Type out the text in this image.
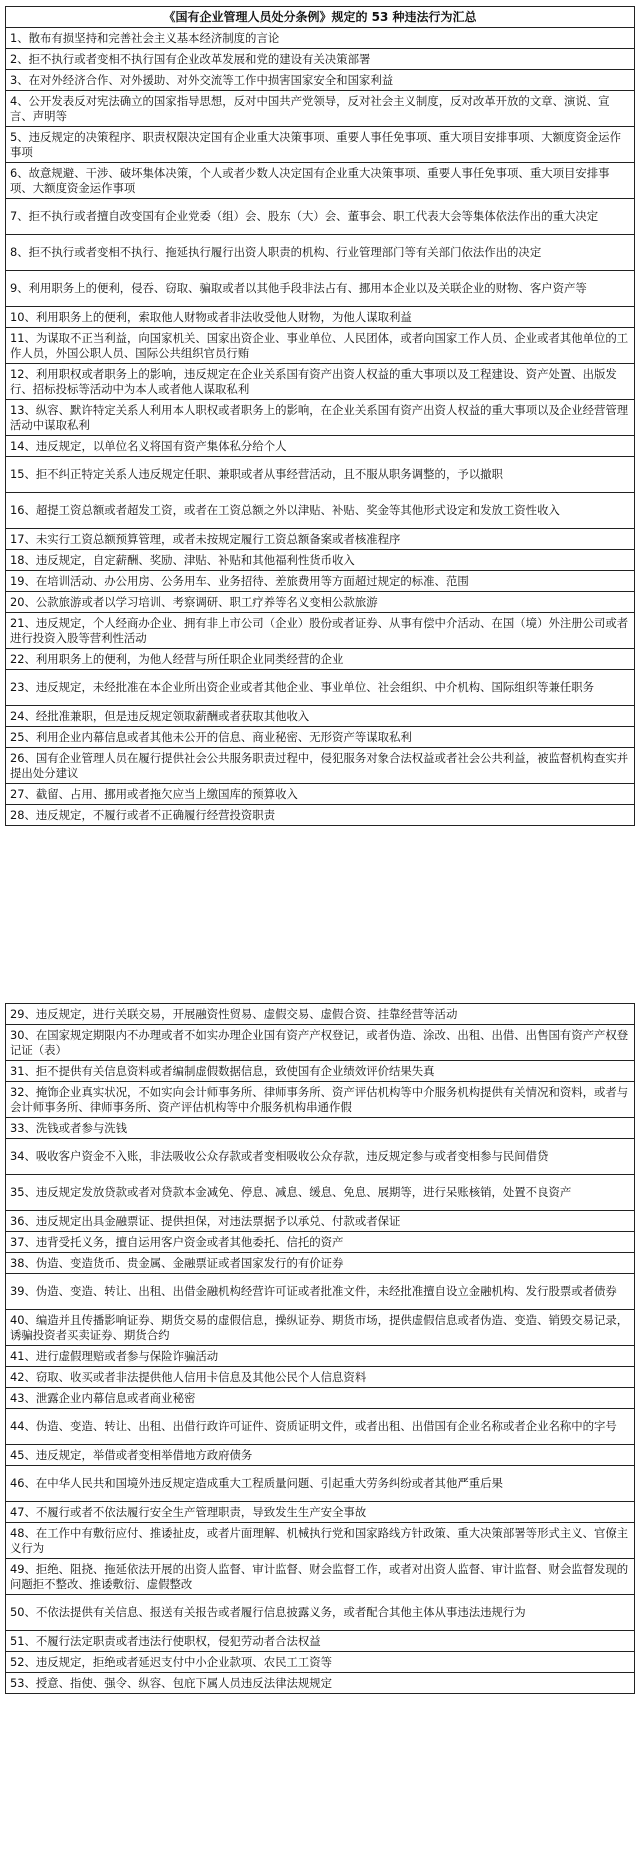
《国有企业管理人员处分条例》规定的 53 种违法行为汇总
1、散布有损坚持和完善社会主义基本经济制度的言论
2、拒不执行或者变相不执行国有企业改革发展和党的建设有关决策部署
3、在对外经济合作、对外援助、对外交流等工作中损害国家安全和国家利益
4、公开发表反对宪法确立的国家指导思想，反对中国共产党领导，反对社会主义制度，反对改革开放的文章、演说、宣言、声明等
5、违反规定的决策程序、职责权限决定国有企业重大决策事项、重要人事任免事项、重大项目安排事项、大额度资金运作事项
6、故意规避、干涉、破坏集体决策，个人或者少数人决定国有企业重大决策事项、重要人事任免事项、重大项目安排事项、大额度资金运作事项
7、拒不执行或者擅自改变国有企业党委（组）会、股东（大）会、董事会、职工代表大会等集体依法作出的重大决定
8、拒不执行或者变相不执行、拖延执行履行出资人职责的机构、行业管理部门等有关部门依法作出的决定
9、利用职务上的便利，侵吞、窃取、骗取或者以其他手段非法占有、挪用本企业以及关联企业的财物、客户资产等
10、利用职务上的便利，索取他人财物或者非法收受他人财物，为他人谋取利益
11、为谋取不正当利益，向国家机关、国家出资企业、事业单位、人民团体，或者向国家工作人员、企业或者其他单位的工作人员，外国公职人员、国际公共组织官员行贿
12、利用职权或者职务上的影响，违反规定在企业关系国有资产出资人权益的重大事项以及工程建设、资产处置、出版发行、招标投标等活动中为本人或者他人谋取私利
13、纵容、默许特定关系人利用本人职权或者职务上的影响，在企业关系国有资产出资人权益的重大事项以及企业经营管理活动中谋取私利
14、违反规定，以单位名义将国有资产集体私分给个人
15、拒不纠正特定关系人违反规定任职、兼职或者从事经营活动，且不服从职务调整的，予以撤职
16、超提工资总额或者超发工资，或者在工资总额之外以津贴、补贴、奖金等其他形式设定和发放工资性收入
17、未实行工资总额预算管理，或者未按规定履行工资总额备案或者核准程序
18、违反规定，自定薪酬、奖励、津贴、补贴和其他福利性货币收入
19、在培训活动、办公用房、公务用车、业务招待、差旅费用等方面超过规定的标准、范围
20、公款旅游或者以学习培训、考察调研、职工疗养等名义变相公款旅游
21、违反规定，个人经商办企业、拥有非上市公司（企业）股份或者证券、从事有偿中介活动、在国（境）外注册公司或者进行投资入股等营利性活动
22、利用职务上的便利，为他人经营与所任职企业同类经营的企业
23、违反规定，未经批准在本企业所出资企业或者其他企业、事业单位、社会组织、中介机构、国际组织等兼任职务
24、经批准兼职，但是违反规定领取薪酬或者获取其他收入
25、利用企业内幕信息或者其他未公开的信息、商业秘密、无形资产等谋取私利
26、国有企业管理人员在履行提供社会公共服务职责过程中，侵犯服务对象合法权益或者社会公共利益，被监督机构查实并提出处分建议
27、截留、占用、挪用或者拖欠应当上缴国库的预算收入
28、违反规定，不履行或者不正确履行经营投资职责
29、违反规定，进行关联交易，开展融资性贸易、虚假交易、虚假合资、挂靠经营等活动
30、在国家规定期限内不办理或者不如实办理企业国有资产产权登记，或者伪造、涂改、出租、出借、出售国有资产产权登记证（表）
31、拒不提供有关信息资料或者编制虚假数据信息，致使国有企业绩效评价结果失真
32、掩饰企业真实状况，不如实向会计师事务所、律师事务所、资产评估机构等中介服务机构提供有关情况和资料，或者与会计师事务所、律师事务所、资产评估机构等中介服务机构串通作假
33、洗钱或者参与洗钱
34、吸收客户资金不入账，非法吸收公众存款或者变相吸收公众存款，违反规定参与或者变相参与民间借贷
35、违反规定发放贷款或者对贷款本金减免、停息、减息、缓息、免息、展期等，进行呆账核销，处置不良资产
36、违反规定出具金融票证、提供担保，对违法票据予以承兑、付款或者保证
37、违背受托义务，擅自运用客户资金或者其他委托、信托的资产
38、伪造、变造货币、贵金属、金融票证或者国家发行的有价证券
39、伪造、变造、转让、出租、出借金融机构经营许可证或者批准文件，未经批准擅自设立金融机构、发行股票或者债券
40、编造并且传播影响证券、期货交易的虚假信息，操纵证券、期货市场，提供虚假信息或者伪造、变造、销毁交易记录，诱骗投资者买卖证券、期货合约
41、进行虚假理赔或者参与保险诈骗活动
42、窃取、收买或者非法提供他人信用卡信息及其他公民个人信息资料
43、泄露企业内幕信息或者商业秘密
44、伪造、变造、转让、出租、出借行政许可证件、资质证明文件，或者出租、出借国有企业名称或者企业名称中的字号
45、违反规定，举借或者变相举借地方政府债务
46、在中华人民共和国境外违反规定造成重大工程质量问题、引起重大劳务纠纷或者其他严重后果
47、不履行或者不依法履行安全生产管理职责，导致发生生产安全事故
48、在工作中有敷衍应付、推诿扯皮，或者片面理解、机械执行党和国家路线方针政策、重大决策部署等形式主义、官僚主义行为
49、拒绝、阻挠、拖延依法开展的出资人监督、审计监督、财会监督工作，或者对出资人监督、审计监督、财会监督发现的问题拒不整改、推诿敷衍、虚假整改
50、不依法提供有关信息、报送有关报告或者履行信息披露义务，或者配合其他主体从事违法违规行为
51、不履行法定职责或者违法行使职权，侵犯劳动者合法权益
52、违反规定，拒绝或者延迟支付中小企业款项、农民工工资等
53、授意、指使、强令、纵容、包庇下属人员违反法律法规规定
